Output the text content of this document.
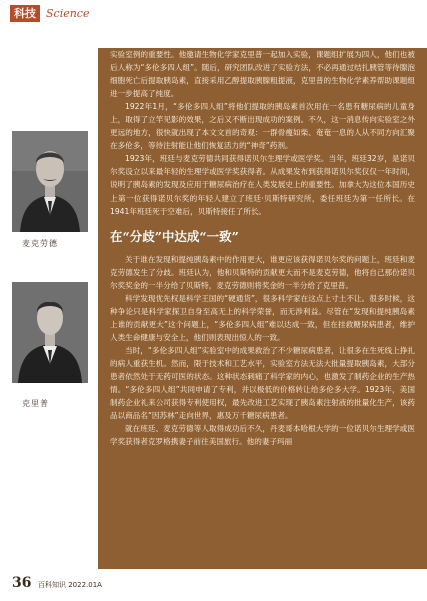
科技 Science
麦克劳德
克里普

实验室例的重要性。他邀请生物化学家克里普一起加入实验，课题组扩展为四人，他们也被后人称为“多伦多四人组”。随后，研究团队改进了实验方法，不必再通过结扎胰管等待腺泡细胞死亡后提取胰岛素，直接采用乙醇提取胰腺粗提液，克里普的生物化学素养帮助课题组进一步提高了纯度。

1922年1月，“多伦多四人组”将他们提取的胰岛素首次用在一名患有糖尿病的儿童身上，取得了立竿见影的效果，之后又不断出现成功的案例。不久，这一消息传向实验室之外更远的地方，很快就出现了本文文首的奇观：一群骨瘦如柴、奄奄一息的人从不同方向汇聚在多伦多，等待注射能让他们恢复活力的“神奇”药剂。

1923年，班廷与麦克劳德共同获得诺贝尔生理学或医学奖。当年，班廷32岁，是诺贝尔奖设立以来最年轻的生理学或医学奖获得者。从成果发布到获得诺贝尔奖仅仅一年时间，说明了胰岛素的发现及应用于糖尿病治疗在人类发展史上的重要性。加拿大为这位本国历史上第一位获得诺贝尔奖的年轻人建立了班廷·贝斯特研究所，委任班廷为第一任所长。在1941年班廷死于空难后，贝斯特接任了所长。

在“分歧”中达成“一致”

关于谁在发现和提纯胰岛素中的作用更大，谁更应该获得诺贝尔奖的问题上，班廷和麦克劳德发生了分歧。班廷认为，他和贝斯特的贡献更大而不是麦克劳德，他将自己那份诺贝尔奖奖金的一半分给了贝斯特，麦克劳德则将奖金的一半分给了克里普。

科学发现优先权是科学王国的“硬通货”，很多科学家在这点上寸土不让。很多时候，这种争论只是科学家探卫自身至高无上的科学荣誉，而无涉利益。尽管在“发现和提纯胰岛素上谁的贡献更大”这个问题上，“多伦多四人组”难以达成一致，但在挂救糖尿病患者，维护人类生命健康与安全上，他们则表现出惊人的一致。

当时，“多伦多四人组”实验室中的成果救治了不少糖尿病患者，让很多在生死线上挣扎的病人重获生机。然而，限于技术和工艺水平，实验室方法无法大批量提取胰岛素，大部分患者依然处于无药可医的状态。这种状态刺痛了科学家的内心，也激发了制药企业的生产热情。“多伦多四人组”共同申请了专利，并以极低的价格转让给多伦多大学。1923年，美国制药企业礼来公司获得专利使用权，最先改进工艺实现了胰岛素注射液的批量化生产，该药品以商品名“因苏林”走向世界，惠及万千糖尿病患者。

就在班廷、麦克劳德等人取得成功后不久，丹麦哥本哈根大学的一位诺贝尔生理学或医学奖获得者克罗格携妻子前往美国旅行。他的妻子玛丽

36 百科知识 2022.01A
